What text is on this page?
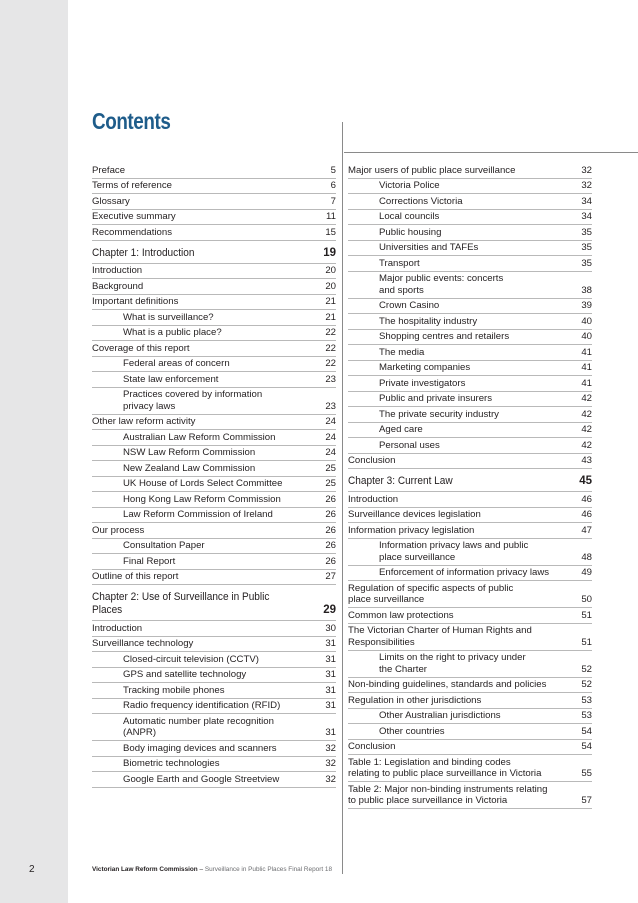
Contents
Preface	5
Terms of reference	6
Glossary	7
Executive summary	11
Recommendations	15
Chapter 1: Introduction	19
Introduction	20
Background	20
Important definitions	21
What is surveillance?	21
What is a public place?	22
Coverage of this report	22
Federal areas of concern	22
State law enforcement	23
Practices covered by information
privacy laws	23
Other law reform activity	24
Australian Law Reform Commission	24
NSW Law Reform Commission	24
New Zealand Law Commission	25
UK House of Lords Select Committee	25
Hong Kong Law Reform Commission	26
Law Reform Commission of Ireland	26
Our process	26
Consultation Paper	26
Final Report	26
Outline of this report	27
Chapter 2: Use of Surveillance in Public Places	29
Introduction	30
Surveillance technology	31
Closed-circuit television (CCTV)	31
GPS and satellite technology	31
Tracking mobile phones	31
Radio frequency identification (RFID)	31
Automatic number plate recognition
(ANPR)	31
Body imaging devices and scanners	32
Biometric technologies	32
Google Earth and Google Streetview	32
Major users of public place surveillance	32
Victoria Police	32
Corrections Victoria	34
Local councils	34
Public housing	35
Universities and TAFEs	35
Transport	35
Major public events: concerts
and sports	38
Crown Casino	39
The hospitality industry	40
Shopping centres and retailers	40
The media	41
Marketing companies	41
Private investigators	41
Public and private insurers	42
The private security industry	42
Aged care	42
Personal uses	42
Conclusion	43
Chapter 3: Current Law	45
Introduction	46
Surveillance devices legislation	46
Information privacy legislation	47
Information privacy laws and public
place surveillance	48
Enforcement of information privacy laws	49
Regulation of specific aspects of public
place surveillance	50
Common law protections	51
The Victorian Charter of Human Rights and
Responsibilities	51
Limits on the right to privacy under
the Charter	52
Non-binding guidelines, standards and policies	52
Regulation in other jurisdictions	53
Other Australian jurisdictions	53
Other countries	54
Conclusion	54
Table 1: Legislation and binding codes
relating to public place surveillance in Victoria	55
Table 2: Major non-binding instruments relating
to public place surveillance in Victoria	57
2	Victorian Law Reform Commission – Surveillance in Public Places Final Report 18
